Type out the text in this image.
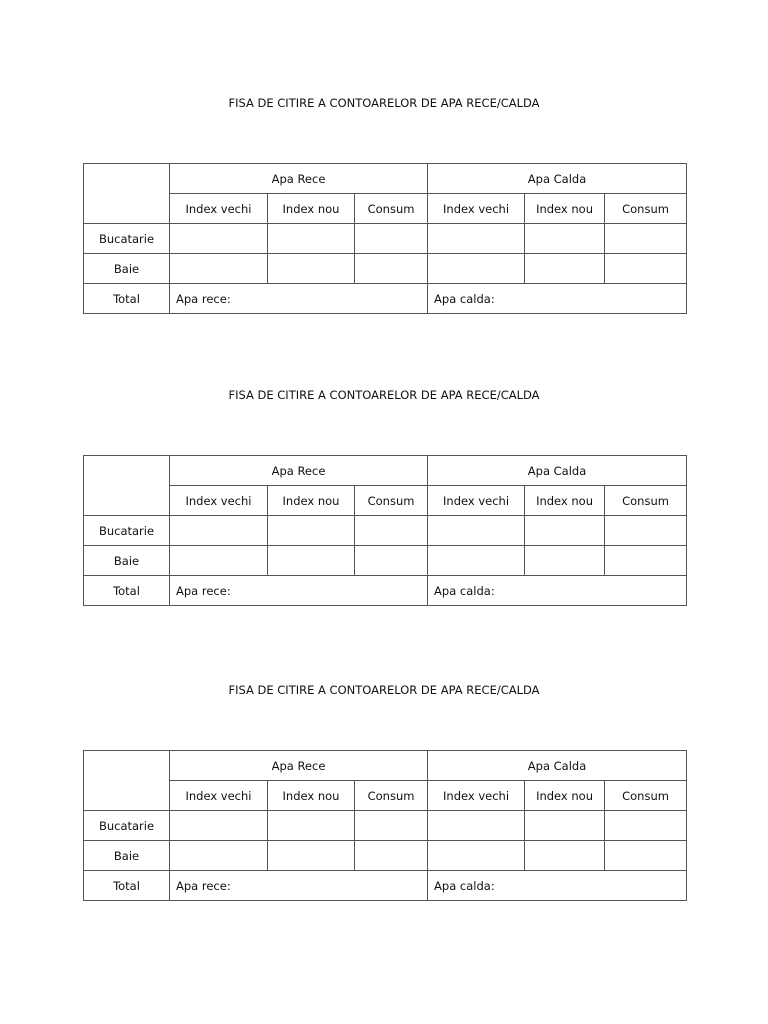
FISA DE CITIRE A CONTOARELOR DE APA RECE/CALDA
	Apa Rece			Apa Calda		
	Index vechi	Index nou	Consum	Index vechi	Index nou	Consum
Bucatarie						
Baie						
Total	Apa rece:			Apa calda:		
FISA DE CITIRE A CONTOARELOR DE APA RECE/CALDA
	Apa Rece			Apa Calda		
	Index vechi	Index nou	Consum	Index vechi	Index nou	Consum
Bucatarie						
Baie						
Total	Apa rece:			Apa calda:		
FISA DE CITIRE A CONTOARELOR DE APA RECE/CALDA
	Apa Rece			Apa Calda		
	Index vechi	Index nou	Consum	Index vechi	Index nou	Consum
Bucatarie						
Baie						
Total	Apa rece:			Apa calda:		
